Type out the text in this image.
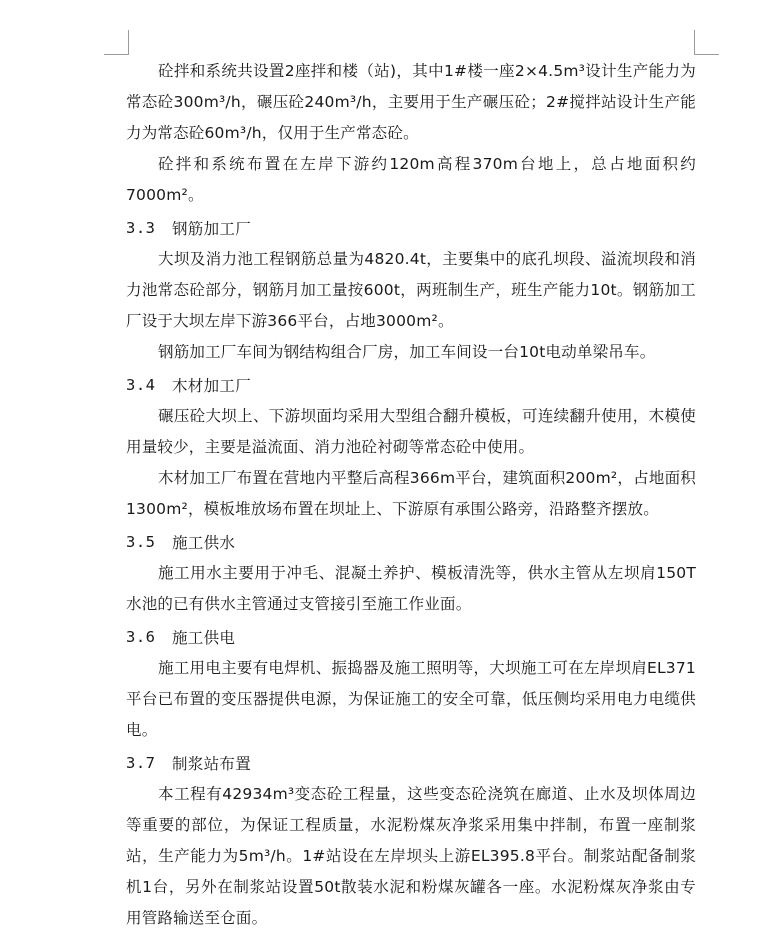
砼拌和系统共设置2座拌和楼（站)，其中1#楼一座2×4.5m³设计生产能力为常态砼300m³/h，碾压砼240m³/h，主要用于生产碾压砼；2#搅拌站设计生产能力为常态砼60m³/h，仅用于生产常态砼。

砼拌和系统布置在左岸下游约120m高程370m台地上，总占地面积约7000m²。

3.3	钢筋加工厂

大坝及消力池工程钢筋总量为4820.4t，主要集中的底孔坝段、溢流坝段和消力池常态砼部分，钢筋月加工量按600t，两班制生产，班生产能力10t。钢筋加工厂设于大坝左岸下游366平台，占地3000m²。

钢筋加工厂车间为钢结构组合厂房，加工车间设一台10t电动单梁吊车。

3.4	木材加工厂

碾压砼大坝上、下游坝面均采用大型组合翻升模板，可连续翻升使用，木模使用量较少，主要是溢流面、消力池砼衬砌等常态砼中使用。

木材加工厂布置在营地内平整后高程366m平台，建筑面积200m²，占地面积1300m²，模板堆放场布置在坝址上、下游原有承围公路旁，沿路整齐摆放。

3.5	施工供水

施工用水主要用于冲毛、混凝土养护、模板清洗等，供水主管从左坝肩150T水池的已有供水主管通过支管接引至施工作业面。

3.6	施工供电

施工用电主要有电焊机、振捣器及施工照明等，大坝施工可在左岸坝肩EL371平台已布置的变压器提供电源，为保证施工的安全可靠，低压侧均采用电力电缆供电。

3.7	制浆站布置

本工程有42934m³变态砼工程量，这些变态砼浇筑在廊道、止水及坝体周边等重要的部位，为保证工程质量，水泥粉煤灰净浆采用集中拌制，布置一座制浆站，生产能力为5m³/h。1#站设在左岸坝头上游EL395.8平台。制浆站配备制浆机1台，另外在制浆站设置50t散装水泥和粉煤灰罐各一座。水泥粉煤灰净浆由专用管路输送至仓面。
